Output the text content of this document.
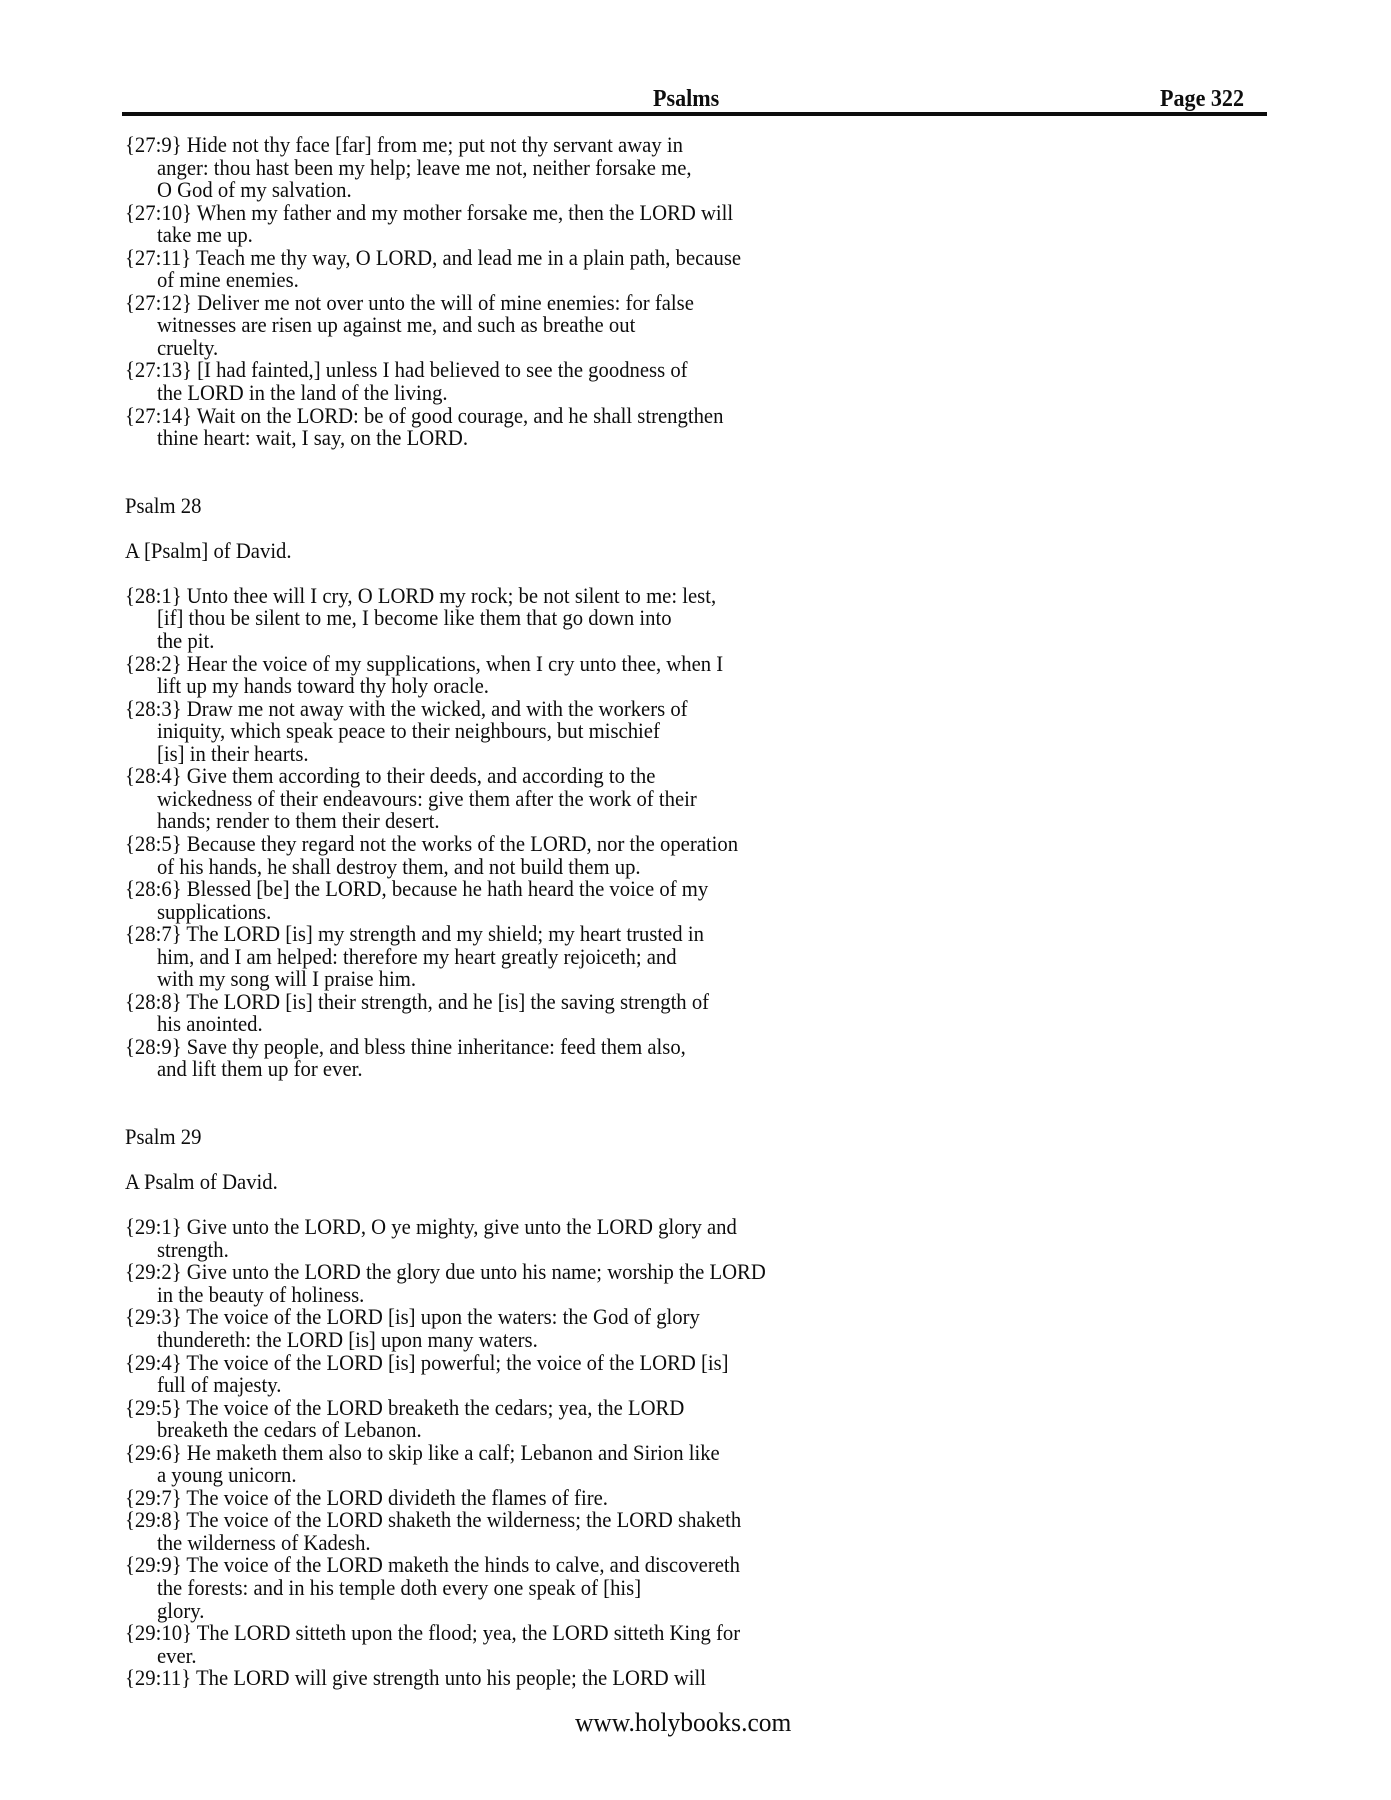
Psalms	Page 322
{27:9} Hide not thy face [far] from me; put not thy servant away in
anger: thou hast been my help; leave me not, neither forsake me,
O God of my salvation.
{27:10} When my father and my mother forsake me, then the LORD will
take me up.
{27:11} Teach me thy way, O LORD, and lead me in a plain path, because
of mine enemies.
{27:12} Deliver me not over unto the will of mine enemies: for false
witnesses are risen up against me, and such as breathe out
cruelty.
{27:13} [I had fainted,] unless I had believed to see the goodness of
the LORD in the land of the living.
{27:14} Wait on the LORD: be of good courage, and he shall strengthen
thine heart: wait, I say, on the LORD.
Psalm 28
A [Psalm] of David.
{28:1} Unto thee will I cry, O LORD my rock; be not silent to me: lest,
[if] thou be silent to me, I become like them that go down into
the pit.
{28:2} Hear the voice of my supplications, when I cry unto thee, when I
lift up my hands toward thy holy oracle.
{28:3} Draw me not away with the wicked, and with the workers of
iniquity, which speak peace to their neighbours, but mischief
[is] in their hearts.
{28:4} Give them according to their deeds, and according to the
wickedness of their endeavours: give them after the work of their
hands; render to them their desert.
{28:5} Because they regard not the works of the LORD, nor the operation
of his hands, he shall destroy them, and not build them up.
{28:6} Blessed [be] the LORD, because he hath heard the voice of my
supplications.
{28:7} The LORD [is] my strength and my shield; my heart trusted in
him, and I am helped: therefore my heart greatly rejoiceth; and
with my song will I praise him.
{28:8} The LORD [is] their strength, and he [is] the saving strength of
his anointed.
{28:9} Save thy people, and bless thine inheritance: feed them also,
and lift them up for ever.
Psalm 29
A Psalm of David.
{29:1} Give unto the LORD, O ye mighty, give unto the LORD glory and
strength.
{29:2} Give unto the LORD the glory due unto his name; worship the LORD
in the beauty of holiness.
{29:3} The voice of the LORD [is] upon the waters: the God of glory
thundereth: the LORD [is] upon many waters.
{29:4} The voice of the LORD [is] powerful; the voice of the LORD [is]
full of majesty.
{29:5} The voice of the LORD breaketh the cedars; yea, the LORD
breaketh the cedars of Lebanon.
{29:6} He maketh them also to skip like a calf; Lebanon and Sirion like
a young unicorn.
{29:7} The voice of the LORD divideth the flames of fire.
{29:8} The voice of the LORD shaketh the wilderness; the LORD shaketh
the wilderness of Kadesh.
{29:9} The voice of the LORD maketh the hinds to calve, and discovereth
the forests: and in his temple doth every one speak of [his]
glory.
{29:10} The LORD sitteth upon the flood; yea, the LORD sitteth King for
ever.
{29:11} The LORD will give strength unto his people; the LORD will
www.holybooks.com
